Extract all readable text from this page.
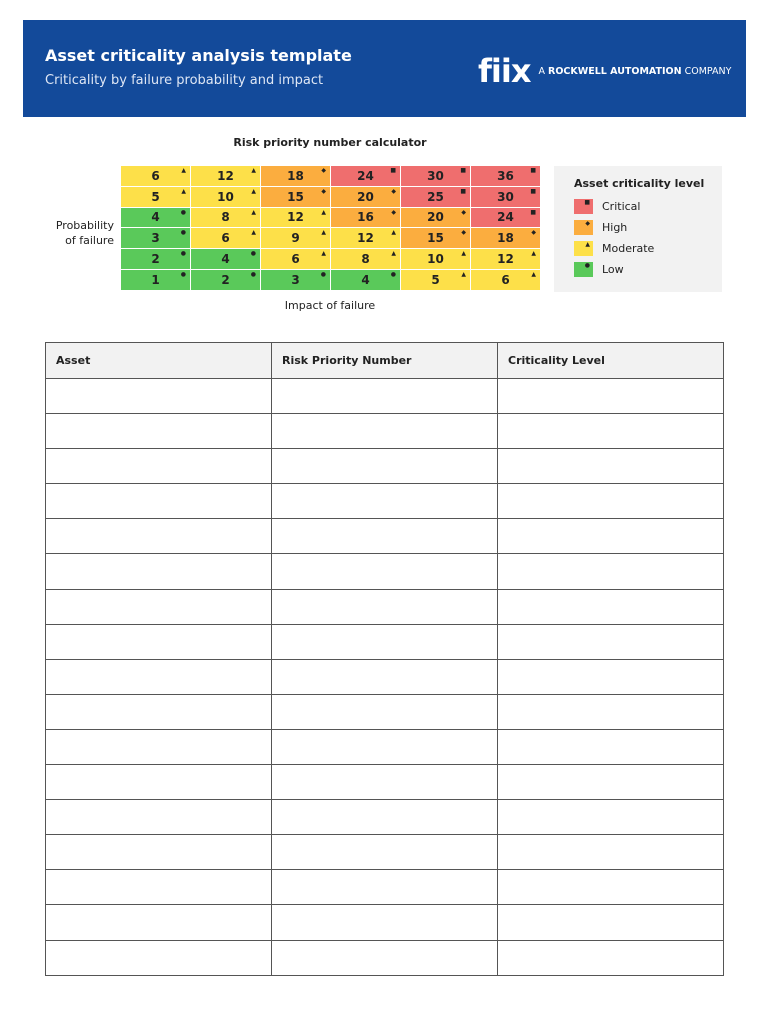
Asset criticality analysis template
Criticality by failure probability and impact	fiix A ROCKWELL AUTOMATION COMPANY
Risk priority number calculator
Probability
of failure
6	▲	12	▲	18	◆	24	■	30	■	36	■
5	▲	10	▲	15	◆	20	◆	25	■	30	■
4	●	8	▲	12	▲	16	◆	20	◆	24	■
3	●	6	▲	9	▲	12	▲	15	◆	18	◆
2	●	4	●	6	▲	8	▲	10	▲	12	▲
1	●	2	●	3	●	4	●	5	▲	6	▲
Impact of failure
Asset criticality level
■ Critical
◆ High
▲ Moderate
● Low
Asset	Risk Priority Number	Criticality Level
